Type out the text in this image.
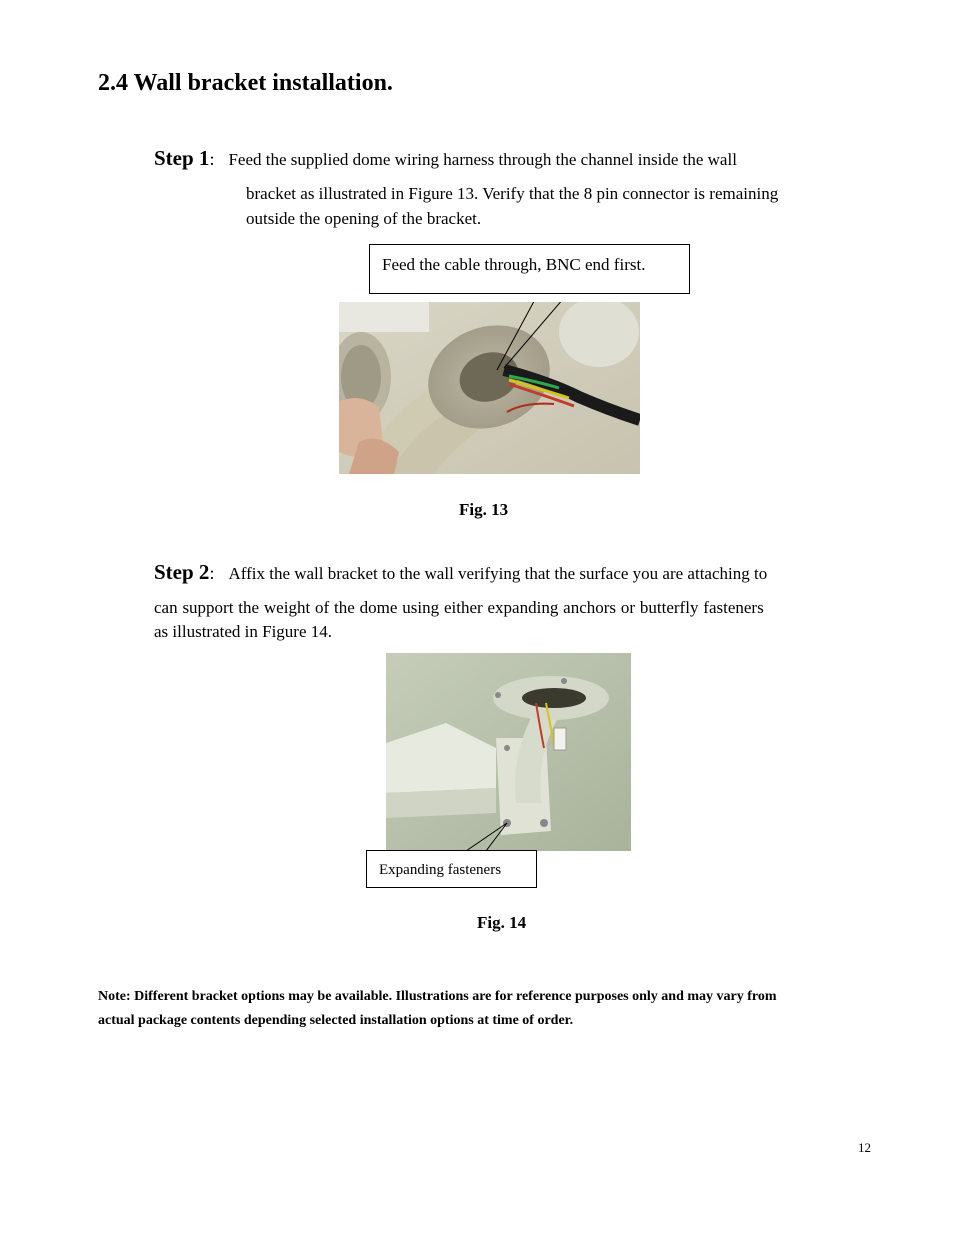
2.4 Wall bracket installation.
Step 1: Feed the supplied dome wiring harness through the channel inside the wall
bracket as illustrated in Figure 13. Verify that the 8 pin connector is remaining
outside the opening of the bracket.
Feed the cable through, BNC end first.
Fig. 13
Step 2: Affix the wall bracket to the wall verifying that the surface you are attaching to
can support the weight of the dome using either expanding anchors or butterfly fasteners
as illustrated in Figure 14.
Expanding fasteners
Fig. 14
Note: Different bracket options may be available. Illustrations are for reference purposes only and may vary from
actual package contents depending selected installation options at time of order.
12
